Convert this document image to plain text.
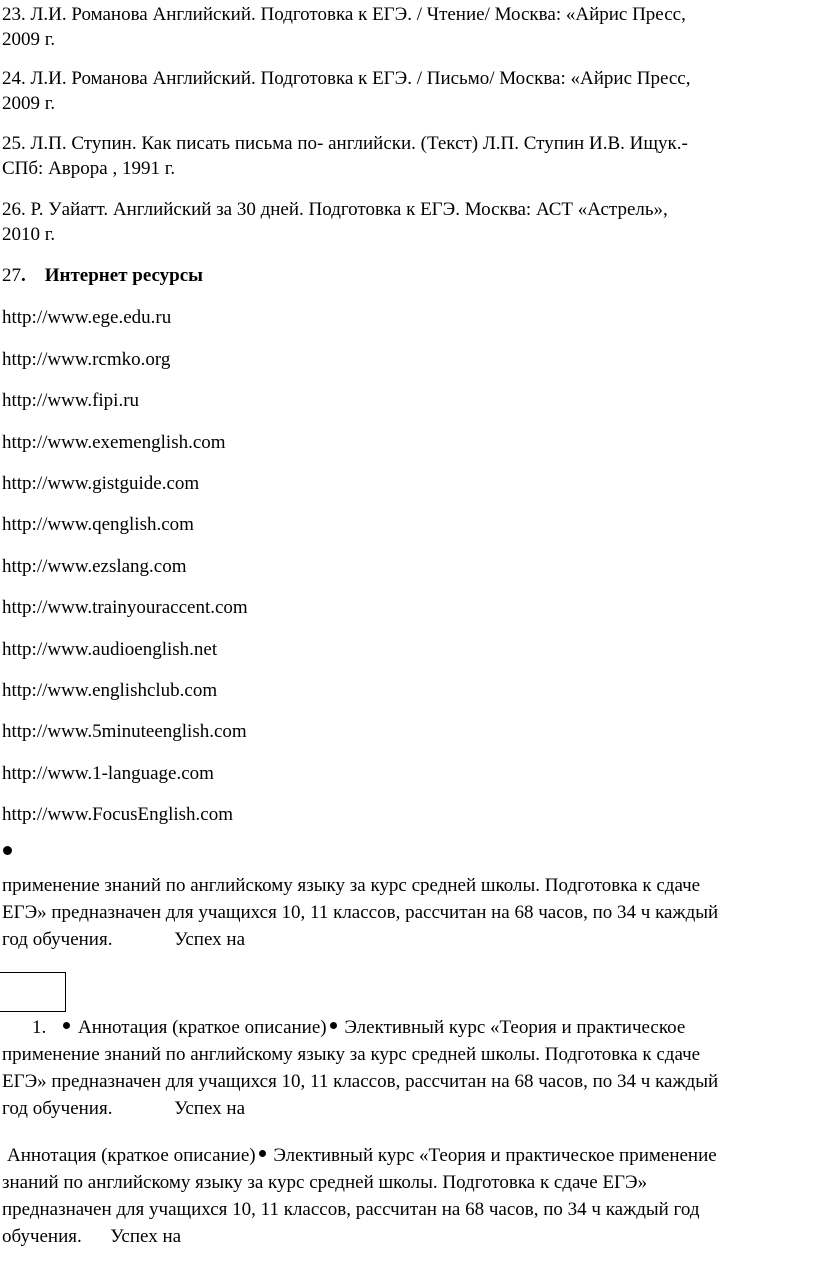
23. Л.И. Романова Английский. Подготовка к ЕГЭ. / Чтение/ Москва: «Айрис Пресс,
2009 г.
24. Л.И. Романова Английский. Подготовка к ЕГЭ. / Письмо/ Москва: «Айрис Пресс,
2009 г.
25. Л.П. Ступин. Как писать письма по- английски. (Текст) Л.П. Ступин И.В. Ищук.-
СПб: Аврора , 1991 г.
26. Р. Уайатт. Английский за 30 дней. Подготовка к ЕГЭ. Москва: АСТ «Астрель»,
2010 г.
27. Интернет ресурсы
http://www.ege.edu.ru
http://www.rcmko.org
http://www.fipi.ru
http://www.exemenglish.com
http://www.gistguide.com
http://www.qenglish.com
http://www.ezslang.com
http://www.trainyouraccent.com
http://www.audioenglish.net
http://www.englishclub.com
http://www.5minuteenglish.com
http://www.1-language.com
http://www.FocusEnglish.com
применение знаний по английскому языку за курс средней школы. Подготовка к сдаче
ЕГЭ» предназначен для учащихся 10, 11 классов, рассчитан на 68 часов, по 34 ч каждый
год обучения.             Успех на
1. Аннотация (краткое описание) Элективный курс «Теория и практическое
применение знаний по английскому языку за курс средней школы. Подготовка к сдаче
ЕГЭ» предназначен для учащихся 10, 11 классов, рассчитан на 68 часов, по 34 ч каждый
год обучения.             Успех на
Аннотация (краткое описание) Элективный курс «Теория и практическое применение
знаний по английскому языку за курс средней школы. Подготовка к сдаче ЕГЭ»
предназначен для учащихся 10, 11 классов, рассчитан на 68 часов, по 34 ч каждый год
обучения.      Успех на
